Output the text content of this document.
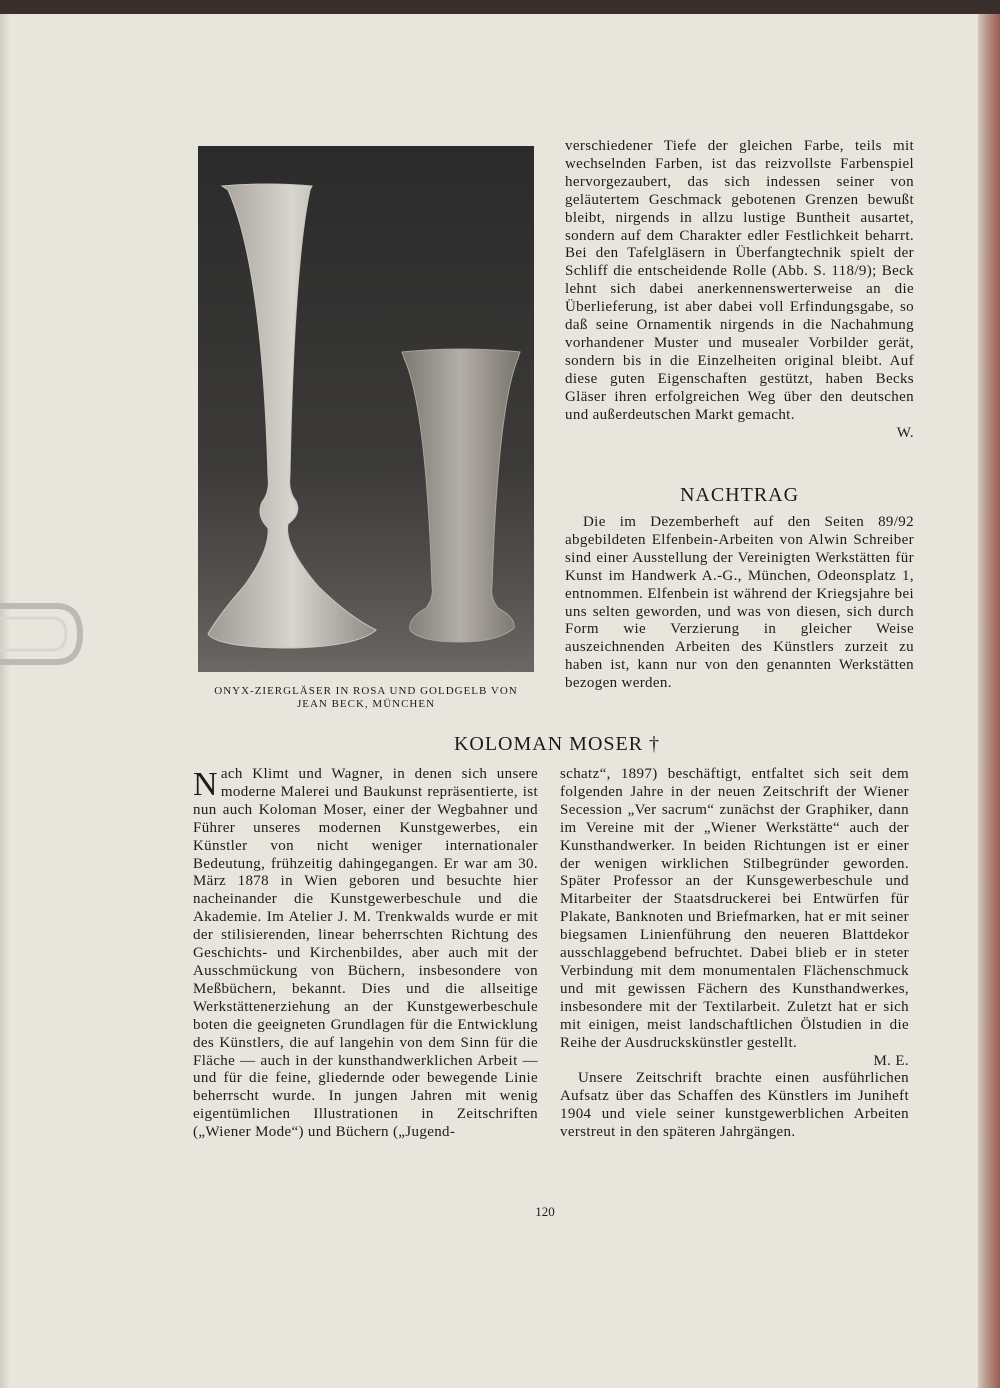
ONYX-ZIERGLÄSER IN ROSA UND GOLDGELB VON
JEAN BECK, MÜNCHEN

verschiedener Tiefe der gleichen Farbe, teils mit wechselnden Farben, ist das reizvollste Farbenspiel hervorgezaubert, das sich indessen seiner von geläutertem Geschmack gebotenen Grenzen bewußt bleibt, nirgends in allzu lustige Buntheit ausartet, sondern auf dem Charakter edler Festlichkeit beharrt. Bei den Tafelgläsern in Überfangtechnik spielt der Schliff die entscheidende Rolle (Abb. S. 118/9); Beck lehnt sich dabei anerkennenswerterweise an die Überlieferung, ist aber dabei voll Erfindungsgabe, so daß seine Ornamentik nirgends in die Nachahmung vorhandener Muster und musealer Vorbilder gerät, sondern bis in die Einzelheiten original bleibt. Auf diese guten Eigenschaften gestützt, haben Becks Gläser ihren erfolgreichen Weg über den deutschen und außerdeutschen Markt gemacht.

W.
NACHTRAG
Die im Dezemberheft auf den Seiten 89/92 abgebildeten Elfenbein-Arbeiten von Alwin Schreiber sind einer Ausstellung der Vereinigten Werkstätten für Kunst im Handwerk A.-G., München, Odeonsplatz 1, entnommen. Elfenbein ist während der Kriegsjahre bei uns selten geworden, und was von diesen, sich durch Form wie Verzierung in gleicher Weise auszeichnenden Arbeiten des Künstlers zurzeit zu haben ist, kann nur von den genannten Werkstätten bezogen werden.
KOLOMAN MOSER †

Nach Klimt und Wagner, in denen sich unsere moderne Malerei und Baukunst repräsentierte, ist nun auch Koloman Moser, einer der Wegbahner und Führer unseres modernen Kunstgewerbes, ein Künstler von nicht weniger internationaler Bedeutung, frühzeitig dahingegangen. Er war am 30. März 1878 in Wien geboren und besuchte hier nacheinander die Kunstgewerbeschule und die Akademie. Im Atelier J. M. Trenkwalds wurde er mit der stilisierenden, linear beherrschten Richtung des Geschichts- und Kirchenbildes, aber auch mit der Ausschmückung von Büchern, insbesondere von Meßbüchern, bekannt. Dies und die allseitige Werkstättenerziehung an der Kunstgewerbeschule boten die geeigneten Grundlagen für die Entwicklung des Künstlers, die auf langehin von dem Sinn für die Fläche — auch in der kunsthandwerklichen Arbeit — und für die feine, gliedernde oder bewegende Linie beherrscht wurde. In jungen Jahren mit wenig eigentümlichen Illustrationen in Zeitschriften („Wiener Mode“) und Büchern („Jugend-

schatz“, 1897) beschäftigt, entfaltet sich seit dem folgenden Jahre in der neuen Zeitschrift der Wiener Secession „Ver sacrum“ zunächst der Graphiker, dann im Vereine mit der „Wiener Werkstätte“ auch der Kunsthandwerker. In beiden Richtungen ist er einer der wenigen wirklichen Stilbegründer geworden. Später Professor an der Kunsgewerbeschule und Mitarbeiter der Staatsdruckerei bei Entwürfen für Plakate, Banknoten und Briefmarken, hat er mit seiner biegsamen Linienführung den neueren Blattdekor ausschlaggebend befruchtet. Dabei blieb er in steter Verbindung mit dem monumentalen Flächenschmuck und mit gewissen Fächern des Kunsthandwerkes, insbesondere mit der Textilarbeit. Zuletzt hat er sich mit einigen, meist landschaftlichen Ölstudien in die Reihe der Ausdruckskünstler gestellt.

M. E.

Unsere Zeitschrift brachte einen ausführlichen Aufsatz über das Schaffen des Künstlers im Juniheft 1904 und viele seiner kunstgewerblichen Arbeiten verstreut in den späteren Jahrgängen.

120
